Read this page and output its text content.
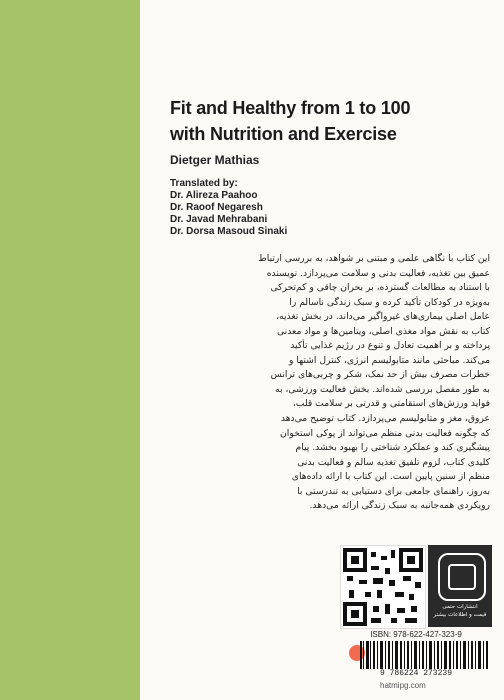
Fit and Healthy from 1 to 100
with Nutrition and Exercise
Dietger Mathias
Translated by:
Dr. Alireza Paahoo
Dr. Raoof Negaresh
Dr. Javad Mehrabani
Dr. Dorsa Masoud Sinaki
این کتاب با نگاهی علمی و مبتنی بر شواهد، به بررسی ارتباط
عمیق بین تغذیه، فعالیت بدنی و سلامت می‌پردازد. نویسنده
با استناد به مطالعات گسترده، بر بحران چاقی و کم‌تحرکی
به‌ویژه در کودکان تأکید کرده و سبک زندگی ناسالم را
عامل اصلی بیماری‌های غیرواگیر می‌داند. در بخش تغذیه،
کتاب به نقش مواد مغذی اصلی، ویتامین‌ها و مواد معدنی
پرداخته و بر اهمیت تعادل و تنوع در رژیم غذایی تأکید
می‌کند. مباحثی مانند متابولیسم انرژی، کنترل اشتها و
خطرات مصرف بیش از حد نمک، شکر و چربی‌های ترانس
به طور مفصل بررسی شده‌اند. بخش فعالیت ورزشی، به
فواید ورزش‌های استقامتی و قدرتی بر سلامت قلب،
عروق، مغز و متابولیسم می‌پردازد. کتاب توضیح می‌دهد
که چگونه فعالیت بدنی منظم می‌تواند از پوکی استخوان
پیشگیری کند و عملکرد شناختی را بهبود بخشد. پیام
کلیدی کتاب، لزوم تلفیق تغذیه سالم و فعالیت بدنی
منظم از سنین پایین است. این کتاب با ارائه داده‌های
به‌روز، راهنمای جامعی برای دستیابی به تندرستی با
رویکردی همه‌جانبه به سبک زندگی ارائه می‌دهد.
انتشارات حتمی
قیمت و اطلاعات بیشتر
ISBN: 978-622-427-323-9
9 786224 273239
hatmipg.com
